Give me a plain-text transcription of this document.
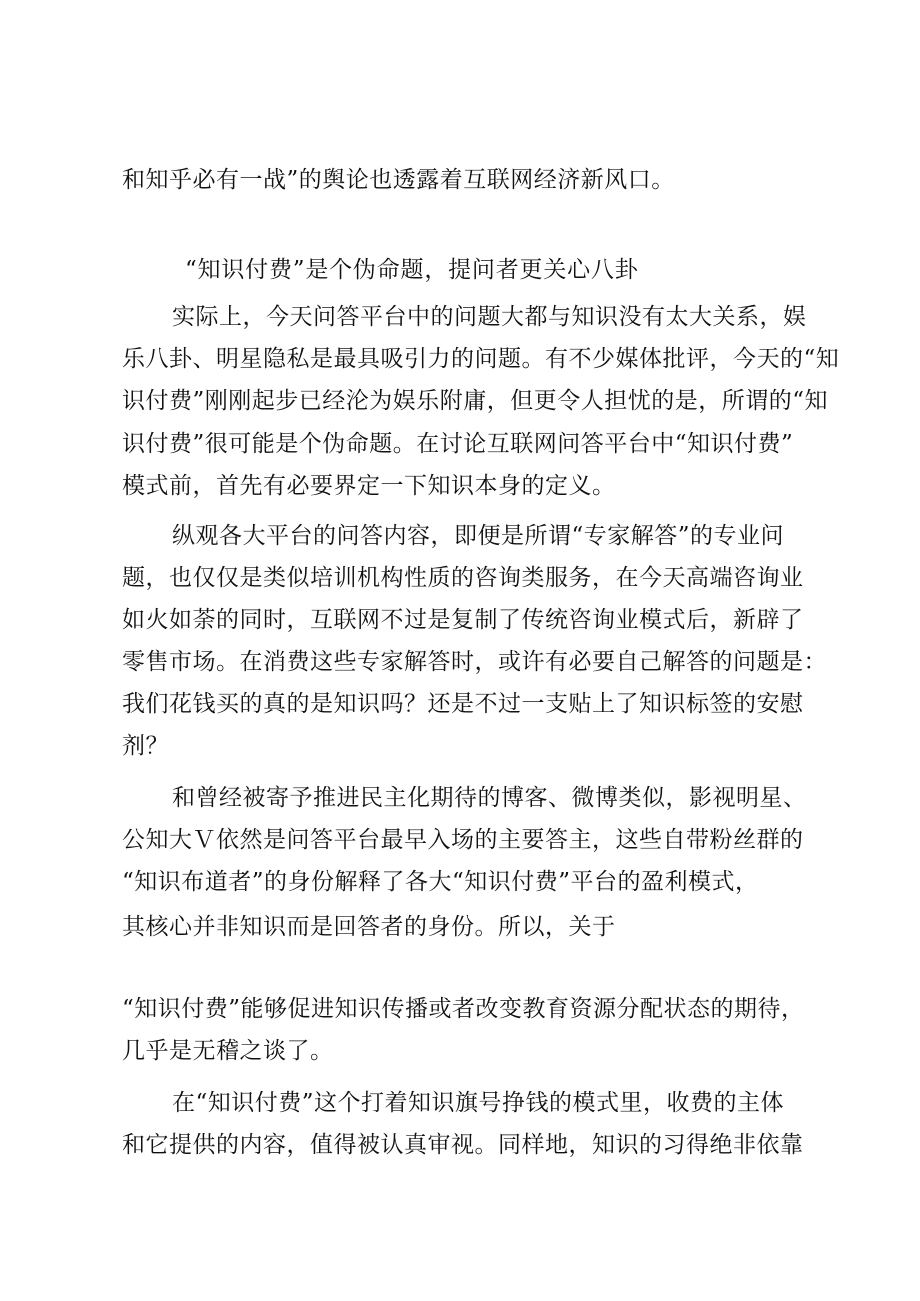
和知乎必有一战”的舆论也透露着互联网经济新风口。
“知识付费”是个伪命题，提问者更关心八卦
实际上，今天问答平台中的问题大都与知识没有太大关系，娱
乐八卦、明星隐私是最具吸引力的问题。有不少媒体批评，今天的“知
识付费”刚刚起步已经沦为娱乐附庸，但更令人担忧的是，所谓的“知
识付费”很可能是个伪命题。在讨论互联网问答平台中“知识付费”
模式前，首先有必要界定一下知识本身的定义。
纵观各大平台的问答内容，即便是所谓“专家解答”的专业问
题，也仅仅是类似培训机构性质的咨询类服务，在今天高端咨询业
如火如荼的同时，互联网不过是复制了传统咨询业模式后，新辟了
零售市场。在消费这些专家解答时，或许有必要自己解答的问题是：
我们花钱买的真的是知识吗？还是不过一支贴上了知识标签的安慰
剂？
和曾经被寄予推进民主化期待的博客、微博类似，影视明星、
公知大Ｖ依然是问答平台最早入场的主要答主，这些自带粉丝群的
“知识布道者”的身份解释了各大“知识付费”平台的盈利模式，
其核心并非知识而是回答者的身份。所以，关于
“知识付费”能够促进知识传播或者改变教育资源分配状态的期待，
几乎是无稽之谈了。
在“知识付费”这个打着知识旗号挣钱的模式里，收费的主体
和它提供的内容，值得被认真审视。同样地，知识的习得绝非依靠
